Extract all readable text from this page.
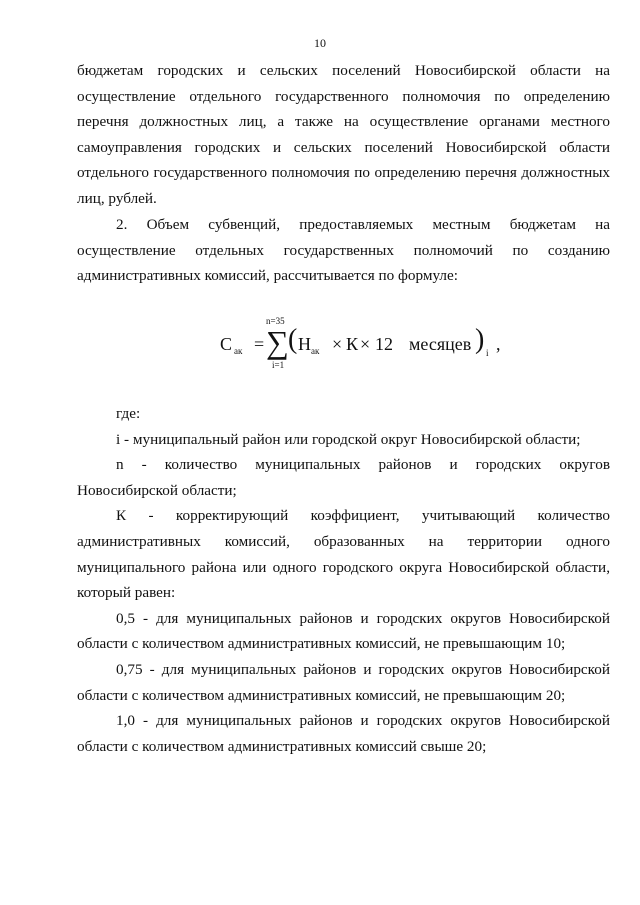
10
бюджетам городских и сельских поселений Новосибирской области на
осуществление отдельного государственного полномочия по определению
перечня должностных лиц, а также на осуществление органами местного
самоуправления городских и сельских поселений Новосибирской области
отдельного государственного полномочия по определению перечня должностных
лиц, рублей.
2. Объем субвенций, предоставляемых местным бюджетам на
осуществление отдельных государственных полномочий по созданию
административных комиссий, рассчитывается по формуле:
С ак =
n=35
∑
i=1
( Н ак × К × 12 месяцев ) i ,
где:
i - муниципальный район или городской округ Новосибирской области;
n - количество муниципальных районов и городских округов
Новосибирской области;
К - корректирующий коэффициент, учитывающий количество
административных комиссий, образованных на территории одного
муниципального района или одного городского округа Новосибирской области,
который равен:
0,5 - для муниципальных районов и городских округов Новосибирской
области с количеством административных комиссий, не превышающим 10;
0,75 - для муниципальных районов и городских округов Новосибирской
области с количеством административных комиссий, не превышающим 20;
1,0 - для муниципальных районов и городских округов Новосибирской
области с количеством административных комиссий свыше 20;
